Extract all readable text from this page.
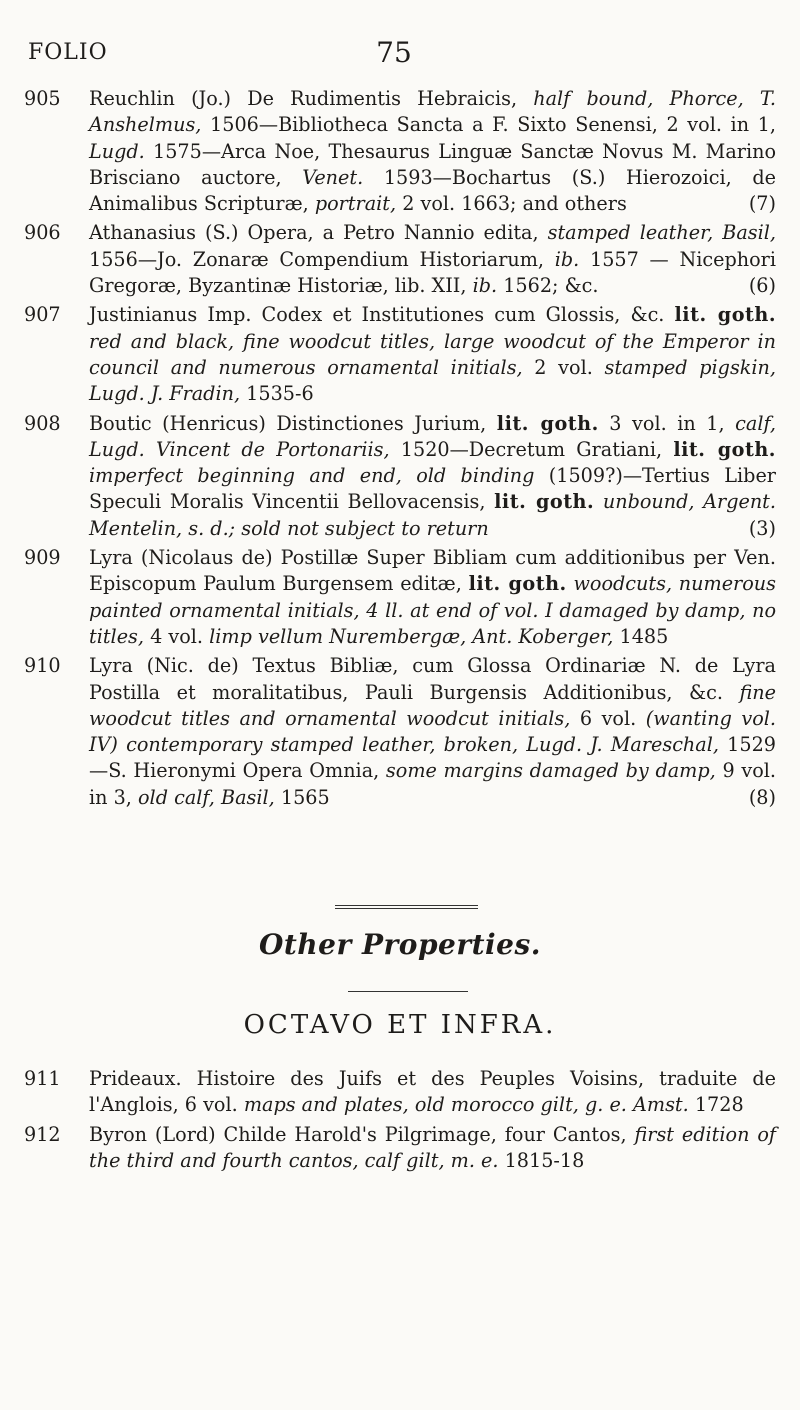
FOLIO	75
905 Reuchlin (Jo.) De Rudimentis Hebraicis, half bound, Phorce, T. Anshelmus, 1506—Bibliotheca Sancta a F. Sixto Senensi, 2 vol. in 1, Lugd. 1575—Arca Noe, Thesaurus Linguæ Sanctæ Novus M. Marino Brisciano auctore, Venet. 1593—Bochartus (S.) Hierozoici, de Animalibus Scripturæ, portrait, 2 vol. 1663; and others	(7)
906 Athanasius (S.) Opera, a Petro Nannio edita, stamped leather, Basil, 1556—Jo. Zonaræ Compendium Historiarum, ib. 1557 — Nicephori Gregoræ, Byzantinæ Historiæ, lib. XII, ib. 1562; &c.	(6)
907 Justinianus Imp. Codex et Institutiones cum Glossis, &c. lit. goth. red and black, fine woodcut titles, large woodcut of the Emperor in council and numerous ornamental initials, 2 vol. stamped pigskin, Lugd. J. Fradin, 1535-6
908 Boutic (Henricus) Distinctiones Jurium, lit. goth. 3 vol. in 1, calf, Lugd. Vincent de Portonariis, 1520—Decretum Gratiani, lit. goth. imperfect beginning and end, old binding (1509?)—Tertius Liber Speculi Moralis Vincentii Bellovacensis, lit. goth. unbound, Argent. Mentelin, s. d.; sold not subject to return	(3)
909 Lyra (Nicolaus de) Postillæ Super Bibliam cum additionibus per Ven. Episcopum Paulum Burgensem editæ, lit. goth. woodcuts, numerous painted ornamental initials, 4 ll. at end of vol. I damaged by damp, no titles, 4 vol. limp vellum Nurembergæ, Ant. Koberger, 1485
910 Lyra (Nic. de) Textus Bibliæ, cum Glossa Ordinariæ N. de Lyra Postilla et moralitatibus, Pauli Burgensis Additionibus, &c. fine woodcut titles and ornamental woodcut initials, 6 vol. (wanting vol. IV) contemporary stamped leather, broken, Lugd. J. Mareschal, 1529—S. Hieronymi Opera Omnia, some margins damaged by damp, 9 vol. in 3, old calf, Basil, 1565	(8)
Other Properties.
OCTAVO ET INFRA.
911 Prideaux. Histoire des Juifs et des Peuples Voisins, traduite de l'Anglois, 6 vol. maps and plates, old morocco gilt, g. e. Amst. 1728
912 Byron (Lord) Childe Harold's Pilgrimage, four Cantos, first edition of the third and fourth cantos, calf gilt, m. e. 1815-18
